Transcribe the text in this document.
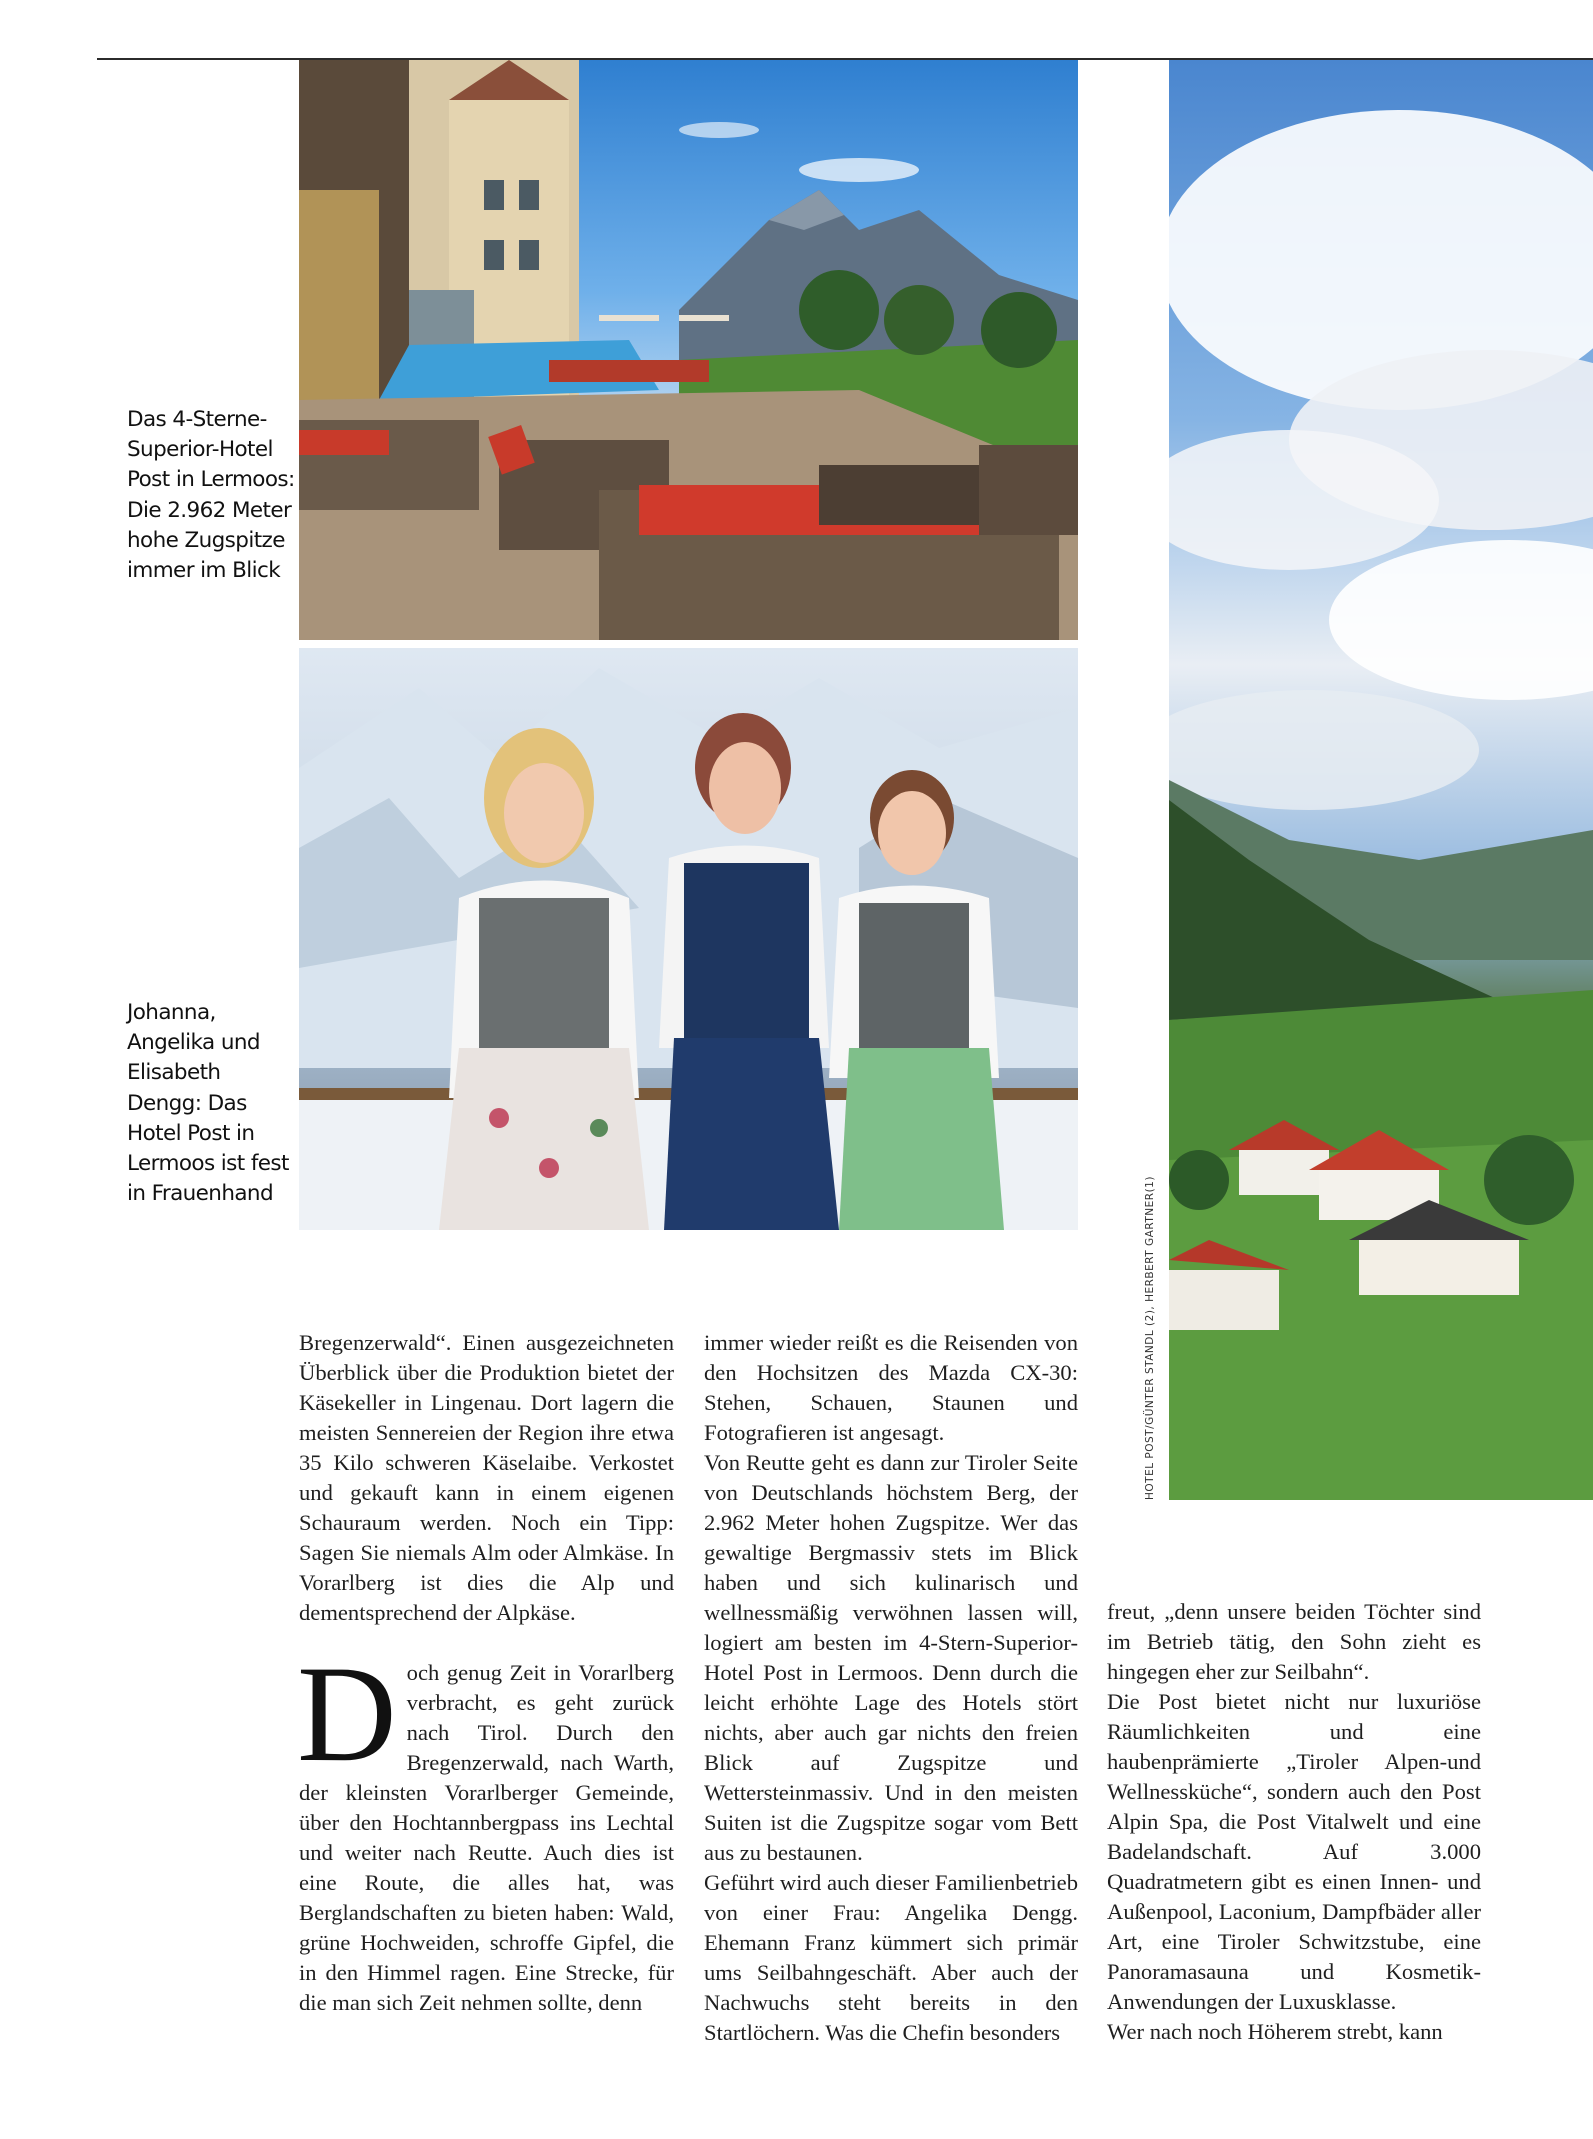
Das 4-Sterne-Superior-Hotel Post in Lermoos: Die 2.962 Meter hohe Zugspitze immer im Blick
Johanna, Angelika und Elisabeth Dengg: Das Hotel Post in Lermoos ist fest in Frauenhand	HOTEL POST/GÜNTER STANDL (2), HERBERT GARTNER(1)

Bregenzerwald“. Einen ausgezeichneten Überblick über die Produktion bietet der Käsekeller in Lingenau. Dort lagern die meisten Sennereien der Region ihre etwa 35 Kilo schweren Käselaibe. Verkostet und gekauft kann in einem eigenen Schauraum werden. Noch ein Tipp: Sagen Sie niemals Alm oder Almkäse. In Vorarlberg ist dies die Alp und dementsprechend der Alpkäse.

Doch genug Zeit in Vorarlberg verbracht, es geht zurück nach Tirol. Durch den Bregenzerwald, nach Warth, der kleinsten Vorarlberger Gemeinde, über den Hochtannbergpass ins Lechtal und weiter nach Reutte. Auch dies ist eine Route, die alles hat, was Berglandschaften zu bieten haben: Wald, grüne Hochweiden, schroffe Gipfel, die in den Himmel ragen. Eine Strecke, für die man sich Zeit nehmen sollte, denn

immer wieder reißt es die Reisenden von den Hochsitzen des Mazda CX-30: Stehen, Schauen, Staunen und Fotografieren ist angesagt.

Von Reutte geht es dann zur Tiroler Seite von Deutschlands höchstem Berg, der 2.962 Meter hohen Zugspitze. Wer das gewaltige Bergmassiv stets im Blick haben und sich kulinarisch und wellnessmäßig verwöhnen lassen will, logiert am besten im 4-Stern-Superior-Hotel Post in Lermoos. Denn durch die leicht erhöhte Lage des Hotels stört nichts, aber auch gar nichts den freien Blick auf Zugspitze und Wettersteinmassiv. Und in den meisten Suiten ist die Zugspitze sogar vom Bett aus zu bestaunen.

Geführt wird auch dieser Familienbetrieb von einer Frau: Angelika Dengg. Ehemann Franz kümmert sich primär ums Seilbahngeschäft. Aber auch der Nachwuchs steht bereits in den Startlöchern. Was die Chefin besonders

freut, „denn unsere beiden Töchter sind im Betrieb tätig, den Sohn zieht es hingegen eher zur Seilbahn“.

Die Post bietet nicht nur luxuriöse Räumlichkeiten und eine haubenprämierte „Tiroler Alpen-und Wellnessküche“, sondern auch den Post Alpin Spa, die Post Vitalwelt und eine Badelandschaft. Auf 3.000 Quadratmetern gibt es einen Innen- und Außenpool, Laconium, Dampfbäder aller Art, eine Tiroler Schwitzstube, eine Panoramasauna und Kosmetik-Anwendungen der Luxusklasse.

Wer nach noch Höherem strebt, kann
